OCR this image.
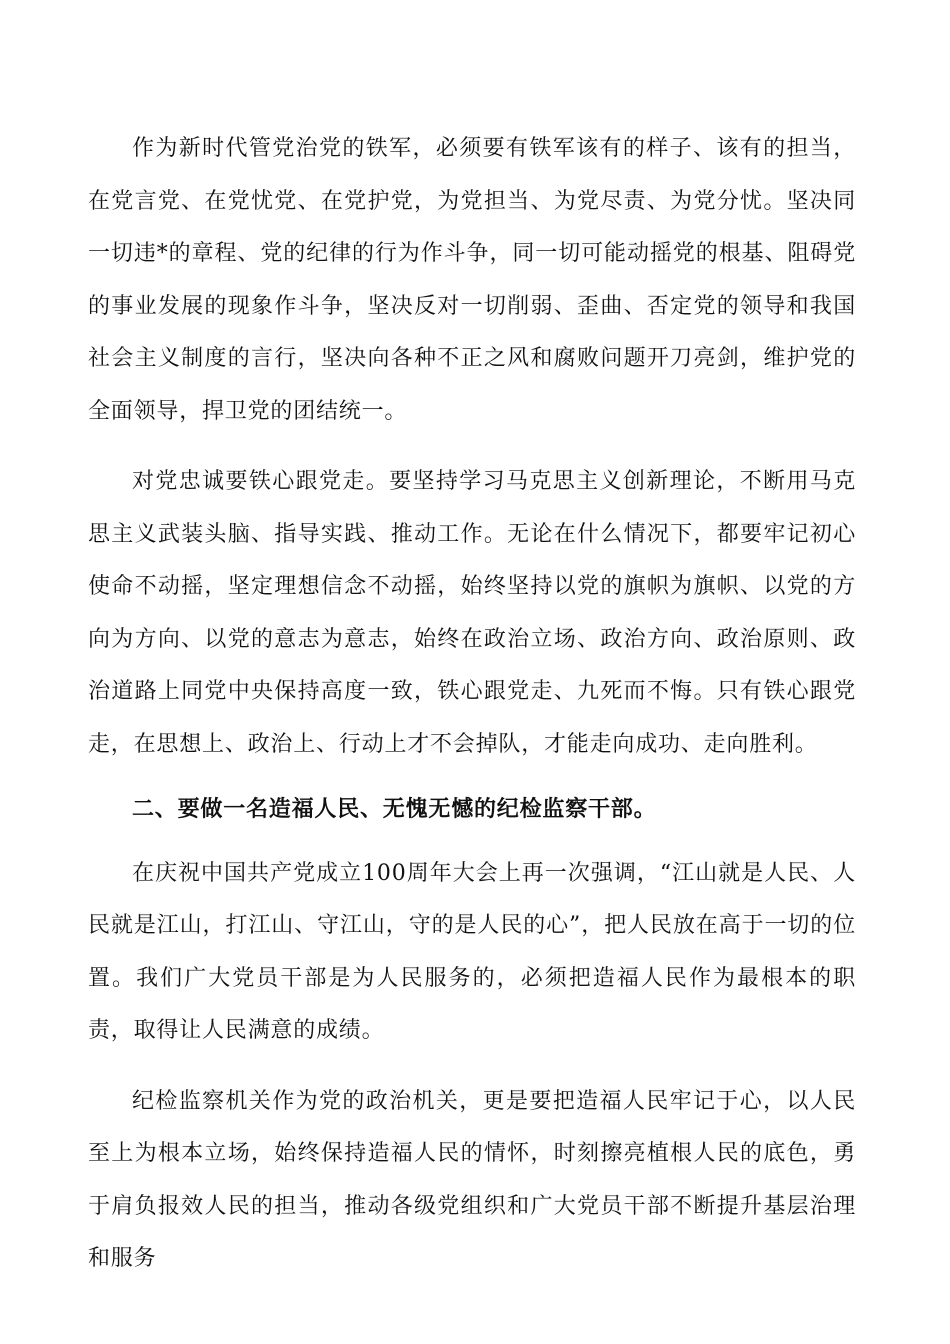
作为新时代管党治党的铁军，必须要有铁军该有的样子、该有的担当，在党言党、在党忧党、在党护党，为党担当、为党尽责、为党分忧。坚决同一切违*的章程、党的纪律的行为作斗争，同一切可能动摇党的根基、阻碍党的事业发展的现象作斗争，坚决反对一切削弱、歪曲、否定党的领导和我国社会主义制度的言行，坚决向各种不正之风和腐败问题开刀亮剑，维护党的全面领导，捍卫党的团结统一。

对党忠诚要铁心跟党走。要坚持学习马克思主义创新理论，不断用马克思主义武装头脑、指导实践、推动工作。无论在什么情况下，都要牢记初心使命不动摇，坚定理想信念不动摇，始终坚持以党的旗帜为旗帜、以党的方向为方向、以党的意志为意志，始终在政治立场、政治方向、政治原则、政治道路上同党中央保持高度一致，铁心跟党走、九死而不悔。只有铁心跟党走，在思想上、政治上、行动上才不会掉队，才能走向成功、走向胜利。

二、要做一名造福人民、无愧无憾的纪检监察干部。

在庆祝中国共产党成立100周年大会上再一次强调，“江山就是人民、人民就是江山，打江山、守江山，守的是人民的心”，把人民放在高于一切的位置。我们广大党员干部是为人民服务的，必须把造福人民作为最根本的职责，取得让人民满意的成绩。

纪检监察机关作为党的政治机关，更是要把造福人民牢记于心，以人民至上为根本立场，始终保持造福人民的情怀，时刻擦亮植根人民的底色，勇于肩负报效人民的担当，推动各级党组织和广大党员干部不断提升基层治理和服务
